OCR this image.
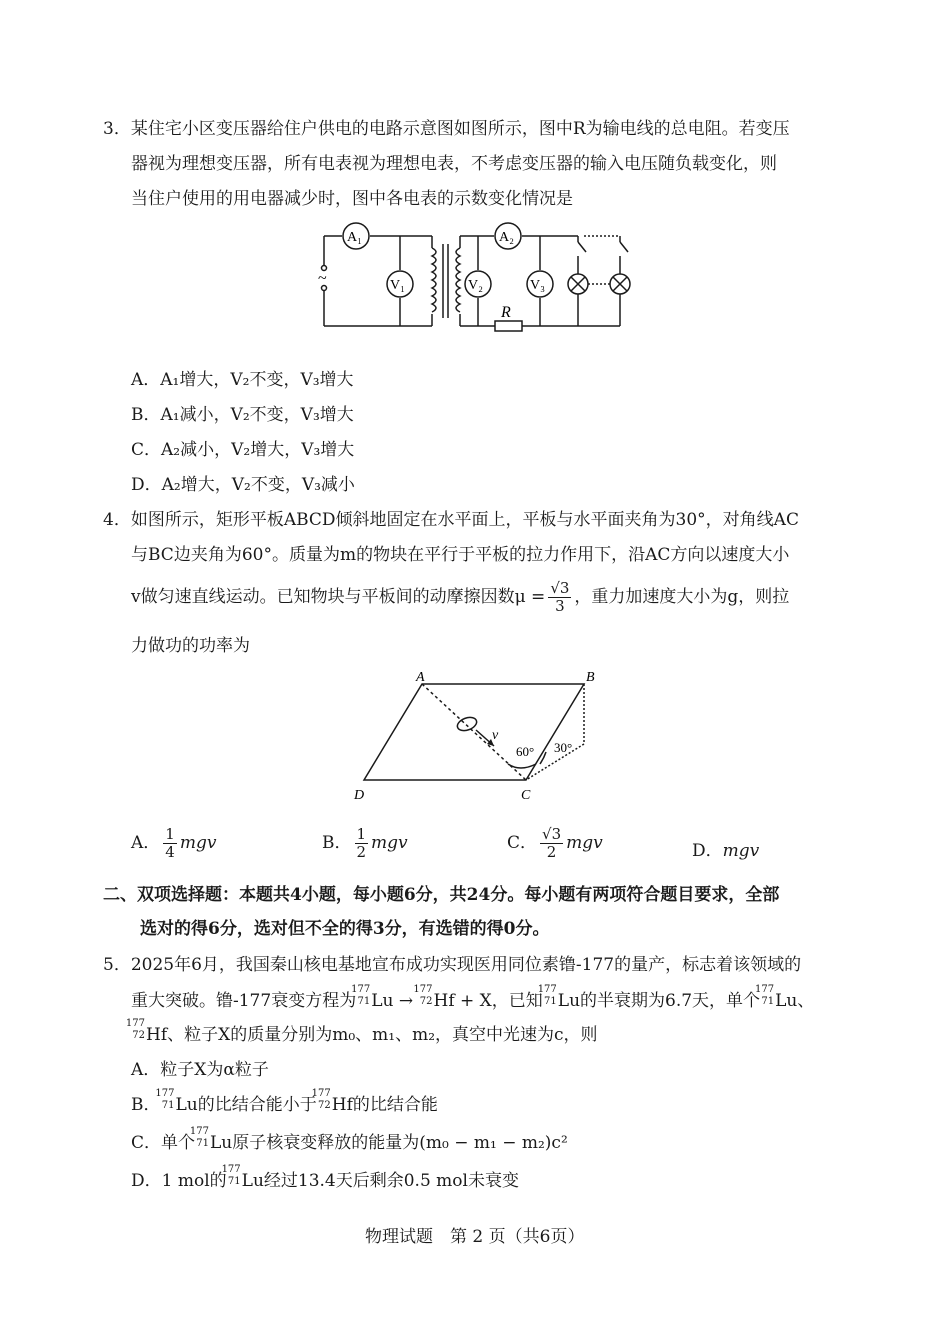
3．某住宅小区变压器给住户供电的电路示意图如图所示，图中R为输电线的总电阻。若变压
器视为理想变压器，所有电表视为理想电表，不考虑变压器的输入电压随负载变化，则
当住户使用的用电器减少时，图中各电表的示数变化情况是
A₁
V₁	V₂	V₃
A₂
R
~
A．A₁增大，V₂不变，V₃增大
B．A₁减小，V₂不变，V₃增大
C．A₂减小，V₂增大，V₃增大
D．A₂增大，V₂不变，V₃减小
4．如图所示，矩形平板ABCD倾斜地固定在水平面上，平板与水平面夹角为30°，对角线AC
与BC边夹角为60°。质量为m的物块在平行于平板的拉力作用下，沿AC方向以速度大小
v做匀速直线运动。已知物块与平板间的动摩擦因数$\mu = \frac{√3}{3}$ ，重力加速度大小为g，则拉
力做功的功率为
A	B
C
D
v
60° 30°
A． $\frac{1}{4}$ mgv	B． $\frac{1}{2}$ mgv	C． $\frac{√3}{2}$ mgv	D．mgv
二、双项选择题：本题共4小题，每小题6分，共24分。每小题有两项符合题目要求，全部
选对的得6分，选对但不全的得3分，有选错的得0分。
5．2025年6月，我国秦山核电基地宣布成功实现医用同位素镥-177的量产，标志着该领域的
重大突破。镥-177衰变方程为
177
71 Lu →
177
72 Hf + X，已知
177
71 Lu的半衰期为6.7天，单个
177
71 Lu、
177
72 Hf、粒子X的质量分别为m₀、m₁、m₂，真空中光速为c，则
A．粒子X为α粒子
B．
177
71 Lu的比结合能小于
177
72 Hf的比结合能
C．单个
177
71 Lu原子核衰变释放的能量为(m₀ − m₁ − m₂)c²
D．1 mol的
177
71 Lu经过13.4天后剩余0.5 mol未衰变
物理试题　第 2 页（共6页）
